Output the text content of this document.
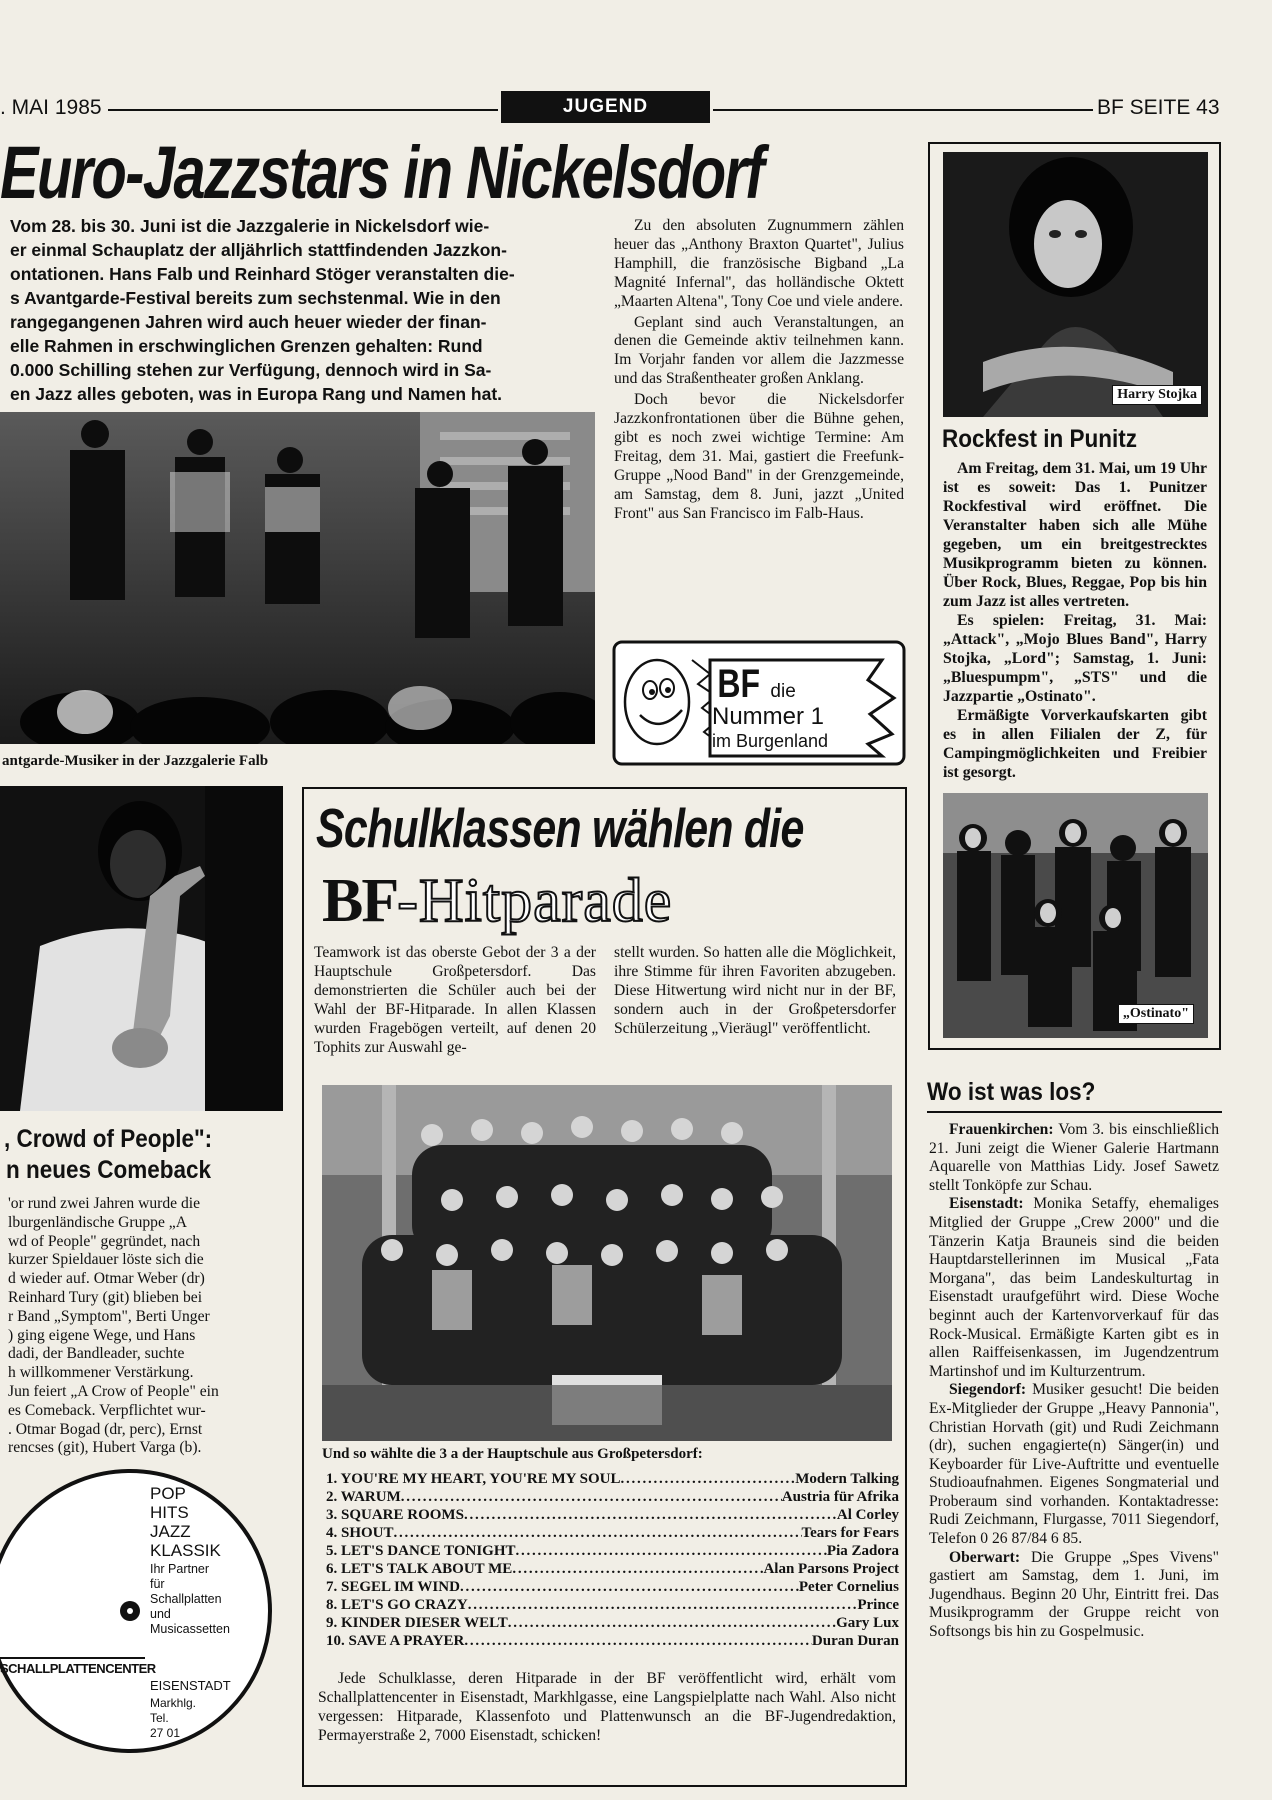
. MAI 1985	JUGEND	BF SEITE 43
Euro-Jazzstars in Nickelsdorf
Vom 28. bis 30. Juni ist die Jazzgalerie in Nickelsdorf wie-
er einmal Schauplatz der alljährlich stattfindenden Jazzkon-
ontationen. Hans Falb und Reinhard Stöger veranstalten die-
s Avantgarde-Festival bereits zum sechstenmal. Wie in den
rangegangenen Jahren wird auch heuer wieder der finan-
elle Rahmen in erschwinglichen Grenzen gehalten: Rund
0.000 Schilling stehen zur Verfügung, dennoch wird in Sa-
en Jazz alles geboten, was in Europa Rang und Namen hat.
antgarde-Musiker in der Jazzgalerie Falb

Zu den absoluten Zugnummern zählen heuer das „Anthony Braxton Quartet", Julius Hamphill, die französische Bigband „La Magnité Infernal", das holländische Oktett „Maarten Altena", Tony Coe und viele andere.

Geplant sind auch Veranstaltungen, an denen die Gemeinde aktiv teilnehmen kann. Im Vorjahr fanden vor allem die Jazzmesse und das Straßentheater großen Anklang.

Doch bevor die Nickelsdorfer Jazzkonfrontationen über die Bühne gehen, gibt es noch zwei wichtige Termine: Am Freitag, dem 31. Mai, gastiert die Freefunk-Gruppe „Nood Band" in der Grenzgemeinde, am Samstag, dem 8. Juni, jazzt „United Front" aus San Francisco im Falb-Haus.

BF die
Nummer 1
im Burgenland
Harry Stojka
Rockfest in Punitz

Am Freitag, dem 31. Mai, um 19 Uhr ist es soweit: Das 1. Punitzer Rockfestival wird eröffnet. Die Veranstalter haben sich alle Mühe gegeben, um ein breitgestrecktes Musikprogramm bieten zu können. Über Rock, Blues, Reggae, Pop bis hin zum Jazz ist alles vertreten.

Es spielen: Freitag, 31. Mai: „Attack", „Mojo Blues Band", Harry Stojka, „Lord"; Samstag, 1. Juni: „Bluespumpm", „STS" und die Jazzpartie „Ostinato".

Ermäßigte Vorverkaufskarten gibt es in allen Filialen der Z, für Campingmöglichkeiten und Freibier ist gesorgt.

„Ostinato"
, Crowd of People":
n neues Comeback
'or rund zwei Jahren wurde die
lburgenländische Gruppe „A
wd of People" gegründet, nach
kurzer Spieldauer löste sich die
d wieder auf. Otmar Weber (dr)
Reinhard Tury (git) blieben bei
r Band „Symptom", Berti Unger
) ging eigene Wege, und Hans
dadi, der Bandleader, suchte
h willkommener Verstärkung.
Jun feiert „A Crow of People" ein
es Comeback. Verpflichtet wur-
. Otmar Bogad (dr, perc), Ernst
rencses (git), Hubert Varga (b).
POP
HITS
JAZZ
KLASSIK
Ihr Partner
für
Schallplatten
und
Musicassetten
SCHALLPLATTENCENTER
EISENSTADT
Markhlg.
Tel.
27 01
Schulklassen wählen die
BF-Hitparade
Teamwork ist das oberste Gebot der 3 a der Hauptschule Großpetersdorf. Das demonstrierten die Schüler auch bei der Wahl der BF-Hitparade. In allen Klassen wurden Fragebögen verteilt, auf denen 20 Tophits zur Auswahl ge-
stellt wurden. So hatten alle die Möglichkeit, ihre Stimme für ihren Favoriten abzugeben. Diese Hitwertung wird nicht nur in der BF, sondern auch in der Großpetersdorfer Schülerzeitung „Vieräugl" veröffentlicht.
Und so wählte die 3 a der Hauptschule aus Großpetersdorf:
1. YOU'RE MY HEART, YOU'RE MY SOUL . . .	Modern Talking
2. WARUM . . .	Austria für Afrika
3. SQUARE ROOMS . . .	Al Corley
4. SHOUT . . .	Tears for Fears
5. LET'S DANCE TONIGHT . . .	Pia Zadora
6. LET'S TALK ABOUT ME . . .	Alan Parsons Project
7. SEGEL IM WIND . . .	Peter Cornelius
8. LET'S GO CRAZY . . .	Prince
9. KINDER DIESER WELT . . .	Gary Lux
10. SAVE A PRAYER . . .	Duran Duran

Jede Schulklasse, deren Hitparade in der BF veröffentlicht wird, erhält vom Schallplattencenter in Eisenstadt, Markhlgasse, eine Langspielplatte nach Wahl. Also nicht vergessen: Hitparade, Klassenfoto und Plattenwunsch an die BF-Jugendredaktion, Permayerstraße 2, 7000 Eisenstadt, schicken!

Wo ist was los?

Frauenkirchen: Vom 3. bis einschließlich 21. Juni zeigt die Wiener Galerie Hartmann Aquarelle von Matthias Lidy. Josef Sawetz stellt Tonköpfe zur Schau.

Eisenstadt: Monika Setaffy, ehemaliges Mitglied der Gruppe „Crew 2000" und die Tänzerin Katja Brauneis sind die beiden Hauptdarstellerinnen im Musical „Fata Morgana", das beim Landeskulturtag in Eisenstadt uraufgeführt wird. Diese Woche beginnt auch der Kartenvorverkauf für das Rock-Musical. Ermäßigte Karten gibt es in allen Raiffeisenkassen, im Jugendzentrum Martinshof und im Kulturzentrum.

Siegendorf: Musiker gesucht! Die beiden Ex-Mitglieder der Gruppe „Heavy Pannonia", Christian Horvath (git) und Rudi Zeichmann (dr), suchen engagierte(n) Sänger(in) und Keyboarder für Live-Auftritte und eventuelle Studioaufnahmen. Eigenes Songmaterial und Proberaum sind vorhanden. Kontaktadresse: Rudi Zeichmann, Flurgasse, 7011 Siegendorf, Telefon 0 26 87/84 6 85.

Oberwart: Die Gruppe „Spes Vivens" gastiert am Samstag, dem 1. Juni, im Jugendhaus. Beginn 20 Uhr, Eintritt frei. Das Musikprogramm der Gruppe reicht von Softsongs bis hin zu Gospelmusic.
